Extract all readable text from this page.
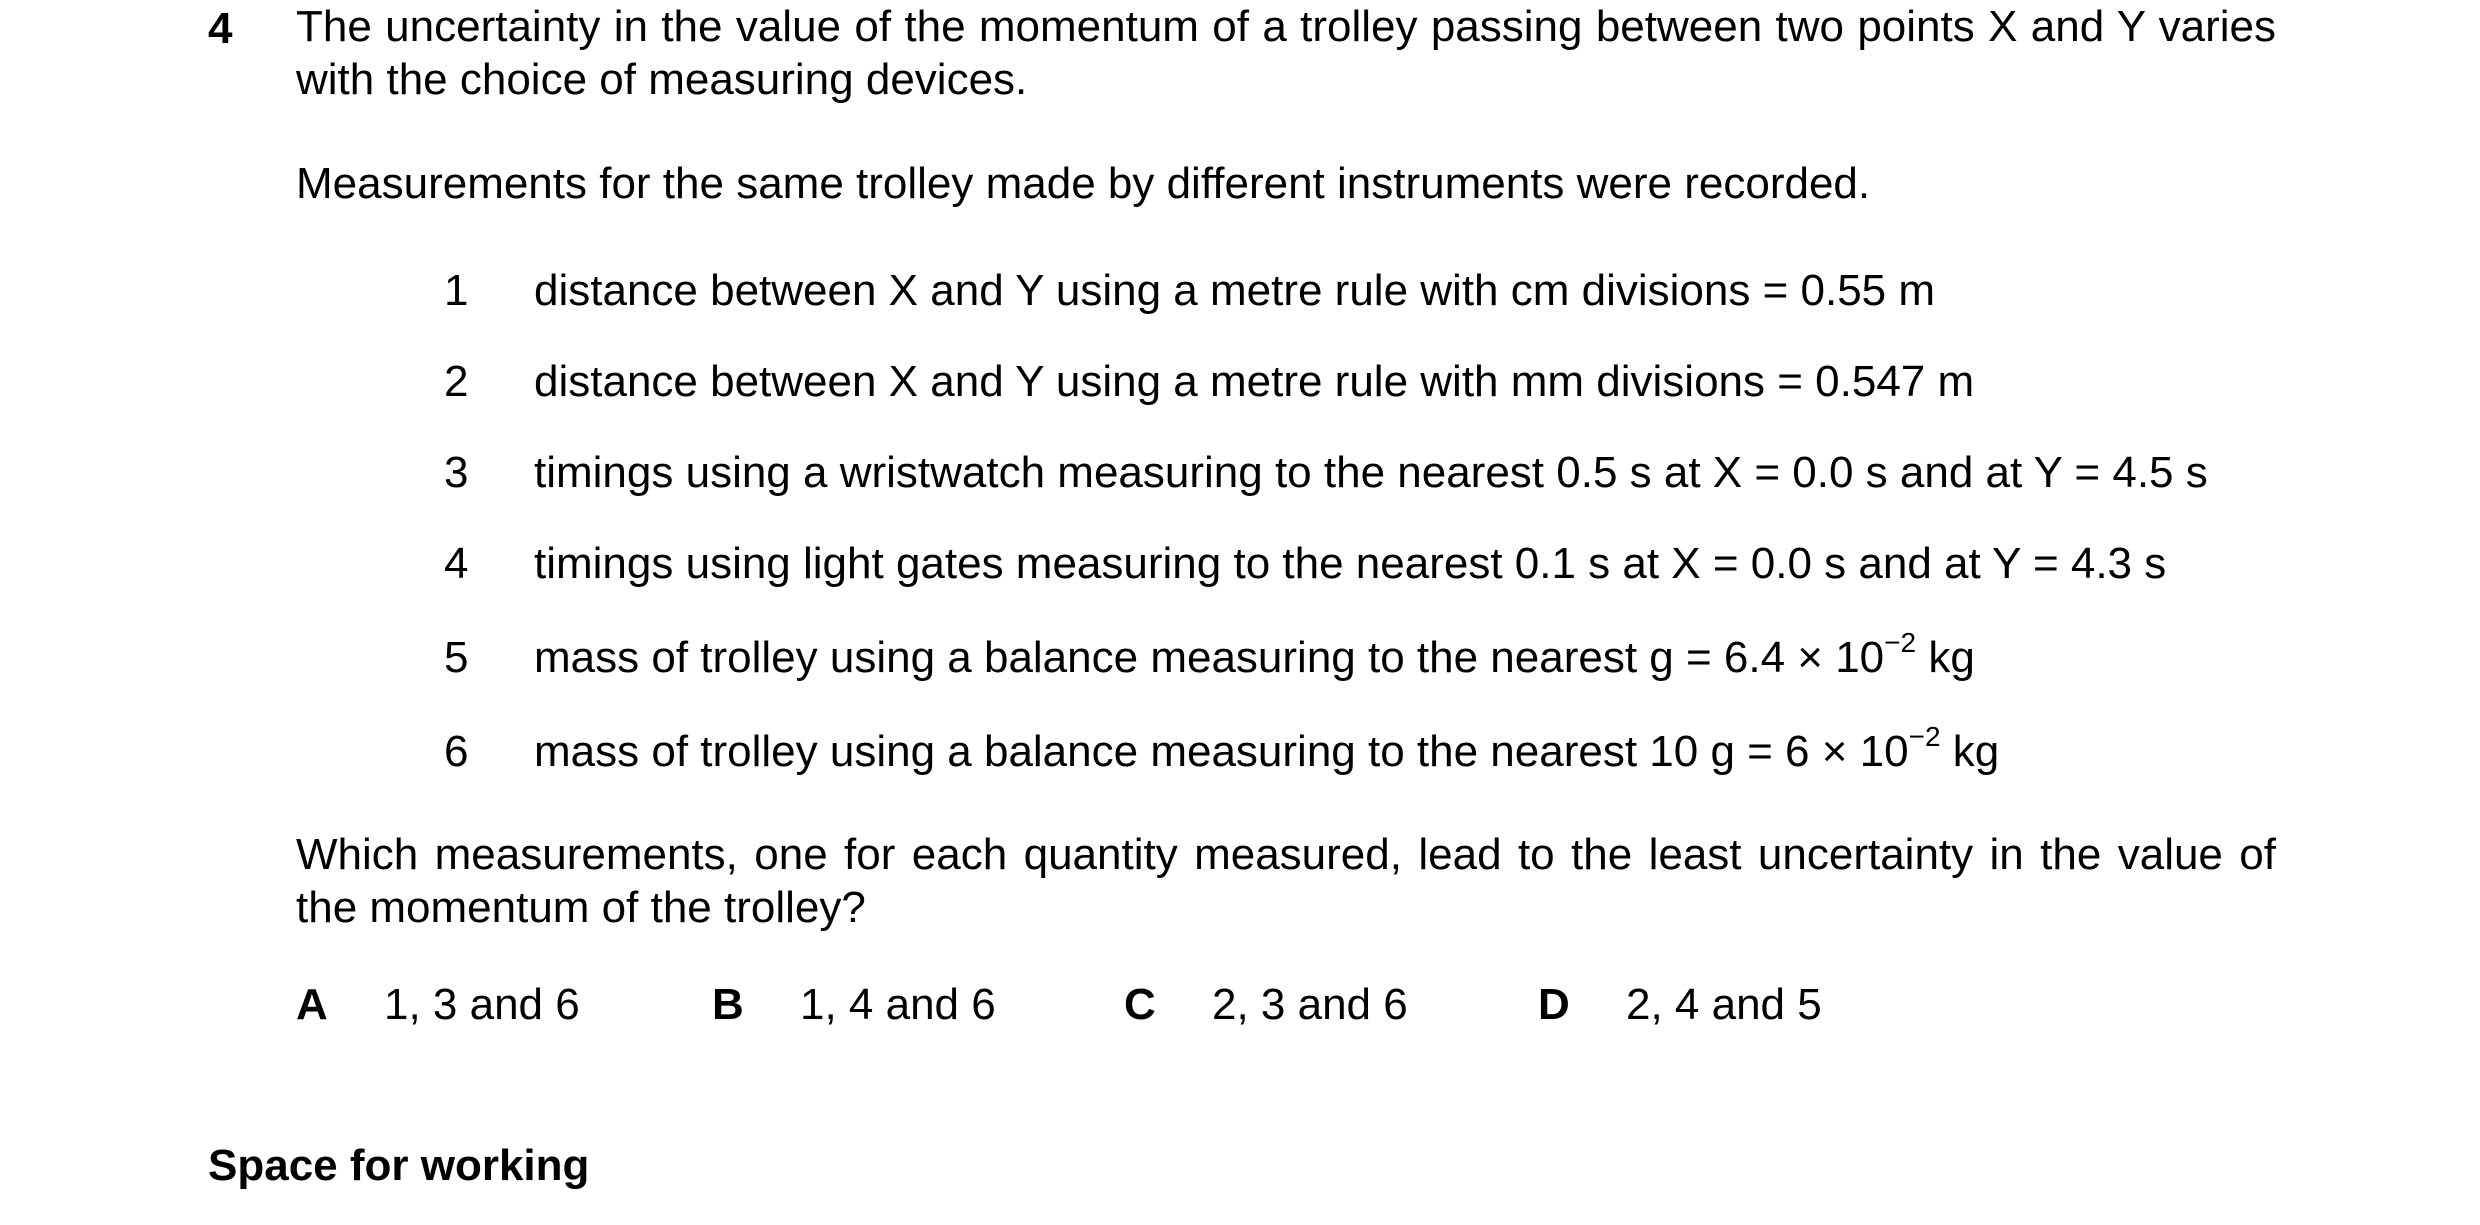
4 The uncertainty in the value of the momentum of a trolley passing between two points X and Y varies with the choice of measuring devices.

Measurements for the same trolley made by different instruments were recorded.

1	distance between X and Y using a metre rule with cm divisions = 0.55 m
2	distance between X and Y using a metre rule with mm divisions = 0.547 m
3	timings using a wristwatch measuring to the nearest 0.5 s at X = 0.0 s and at Y = 4.5 s
4	timings using light gates measuring to the nearest 0.1 s at X = 0.0 s and at Y = 4.3 s
5	mass of trolley using a balance measuring to the nearest $g = 6.4 \times 10^{-2}$ kg
6	mass of trolley using a balance measuring to the nearest 10 $g = 6 \times 10^{-2}$ kg

Which measurements, one for each quantity measured, lead to the least uncertainty in the value of the momentum of the trolley?

A 1, 3 and 6	B 1, 4 and 6	C 2, 3 and 6	D 2, 4 and 5
Space for working
